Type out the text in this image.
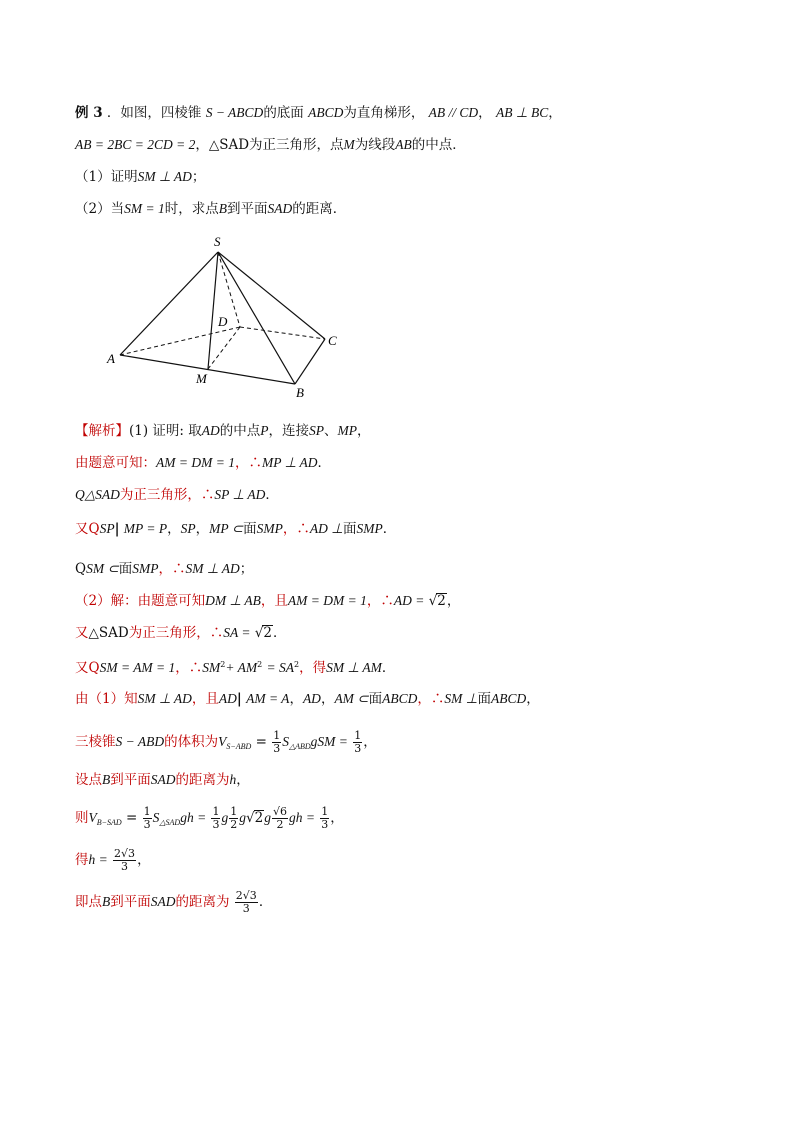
例 3 ．如图，四棱锥 S − ABCD的底面 ABCD为直角梯形， AB // CD， AB ⊥ BC，
AB = 2BC = 2CD = 2，△SAD为正三角形，点M为线段AB的中点．
（1）证明SM ⊥ AD；
（2）当SM = 1时，求点B到平面SAD的距离．
S
D
C
A
M
B
【解析】(1) 证明: 取AD的中点P，连接SP、MP，
由题意可知：AM = DM = 1，∴MP ⊥ AD．
Q△SAD为正三角形，∴SP ⊥ AD．
又QSP| MP = P，SP，MP ⊂面SMP，∴AD ⊥面SMP．
QSM ⊂面SMP，∴SM ⊥ AD；
（2）解：由题意可知DM ⊥ AB，且AM = DM = 1，∴AD = √2，
又△SAD为正三角形，∴SA = √2．
又QSM = AM = 1，$\therefore SM^2+ AM^2 = SA^2$，得SM ⊥ AM．
由（1）知SM ⊥ AD，且AD| AM = A，AD，AM ⊂面ABCD，∴SM ⊥面ABCD，
三棱锥S − ABD的体积为$V_{S-ABD} = \frac{1}{3} S_{\triangle ABD}gSM = \frac{1}{3}$ ，
设点B到平面SAD的距离为h，
则$V_{B-SAD} = \frac{1}{3} S_{\triangle SAD}gh = \frac{1}{3}$ g $\frac{1}{2} g√2g \frac{√6}{2}$ gh = $\frac{1}{3}$ ，
得$h = \frac{2√3}{3}$ ，
即点B到平面SAD的距离为 $\frac{2√3}{3}$ ．
